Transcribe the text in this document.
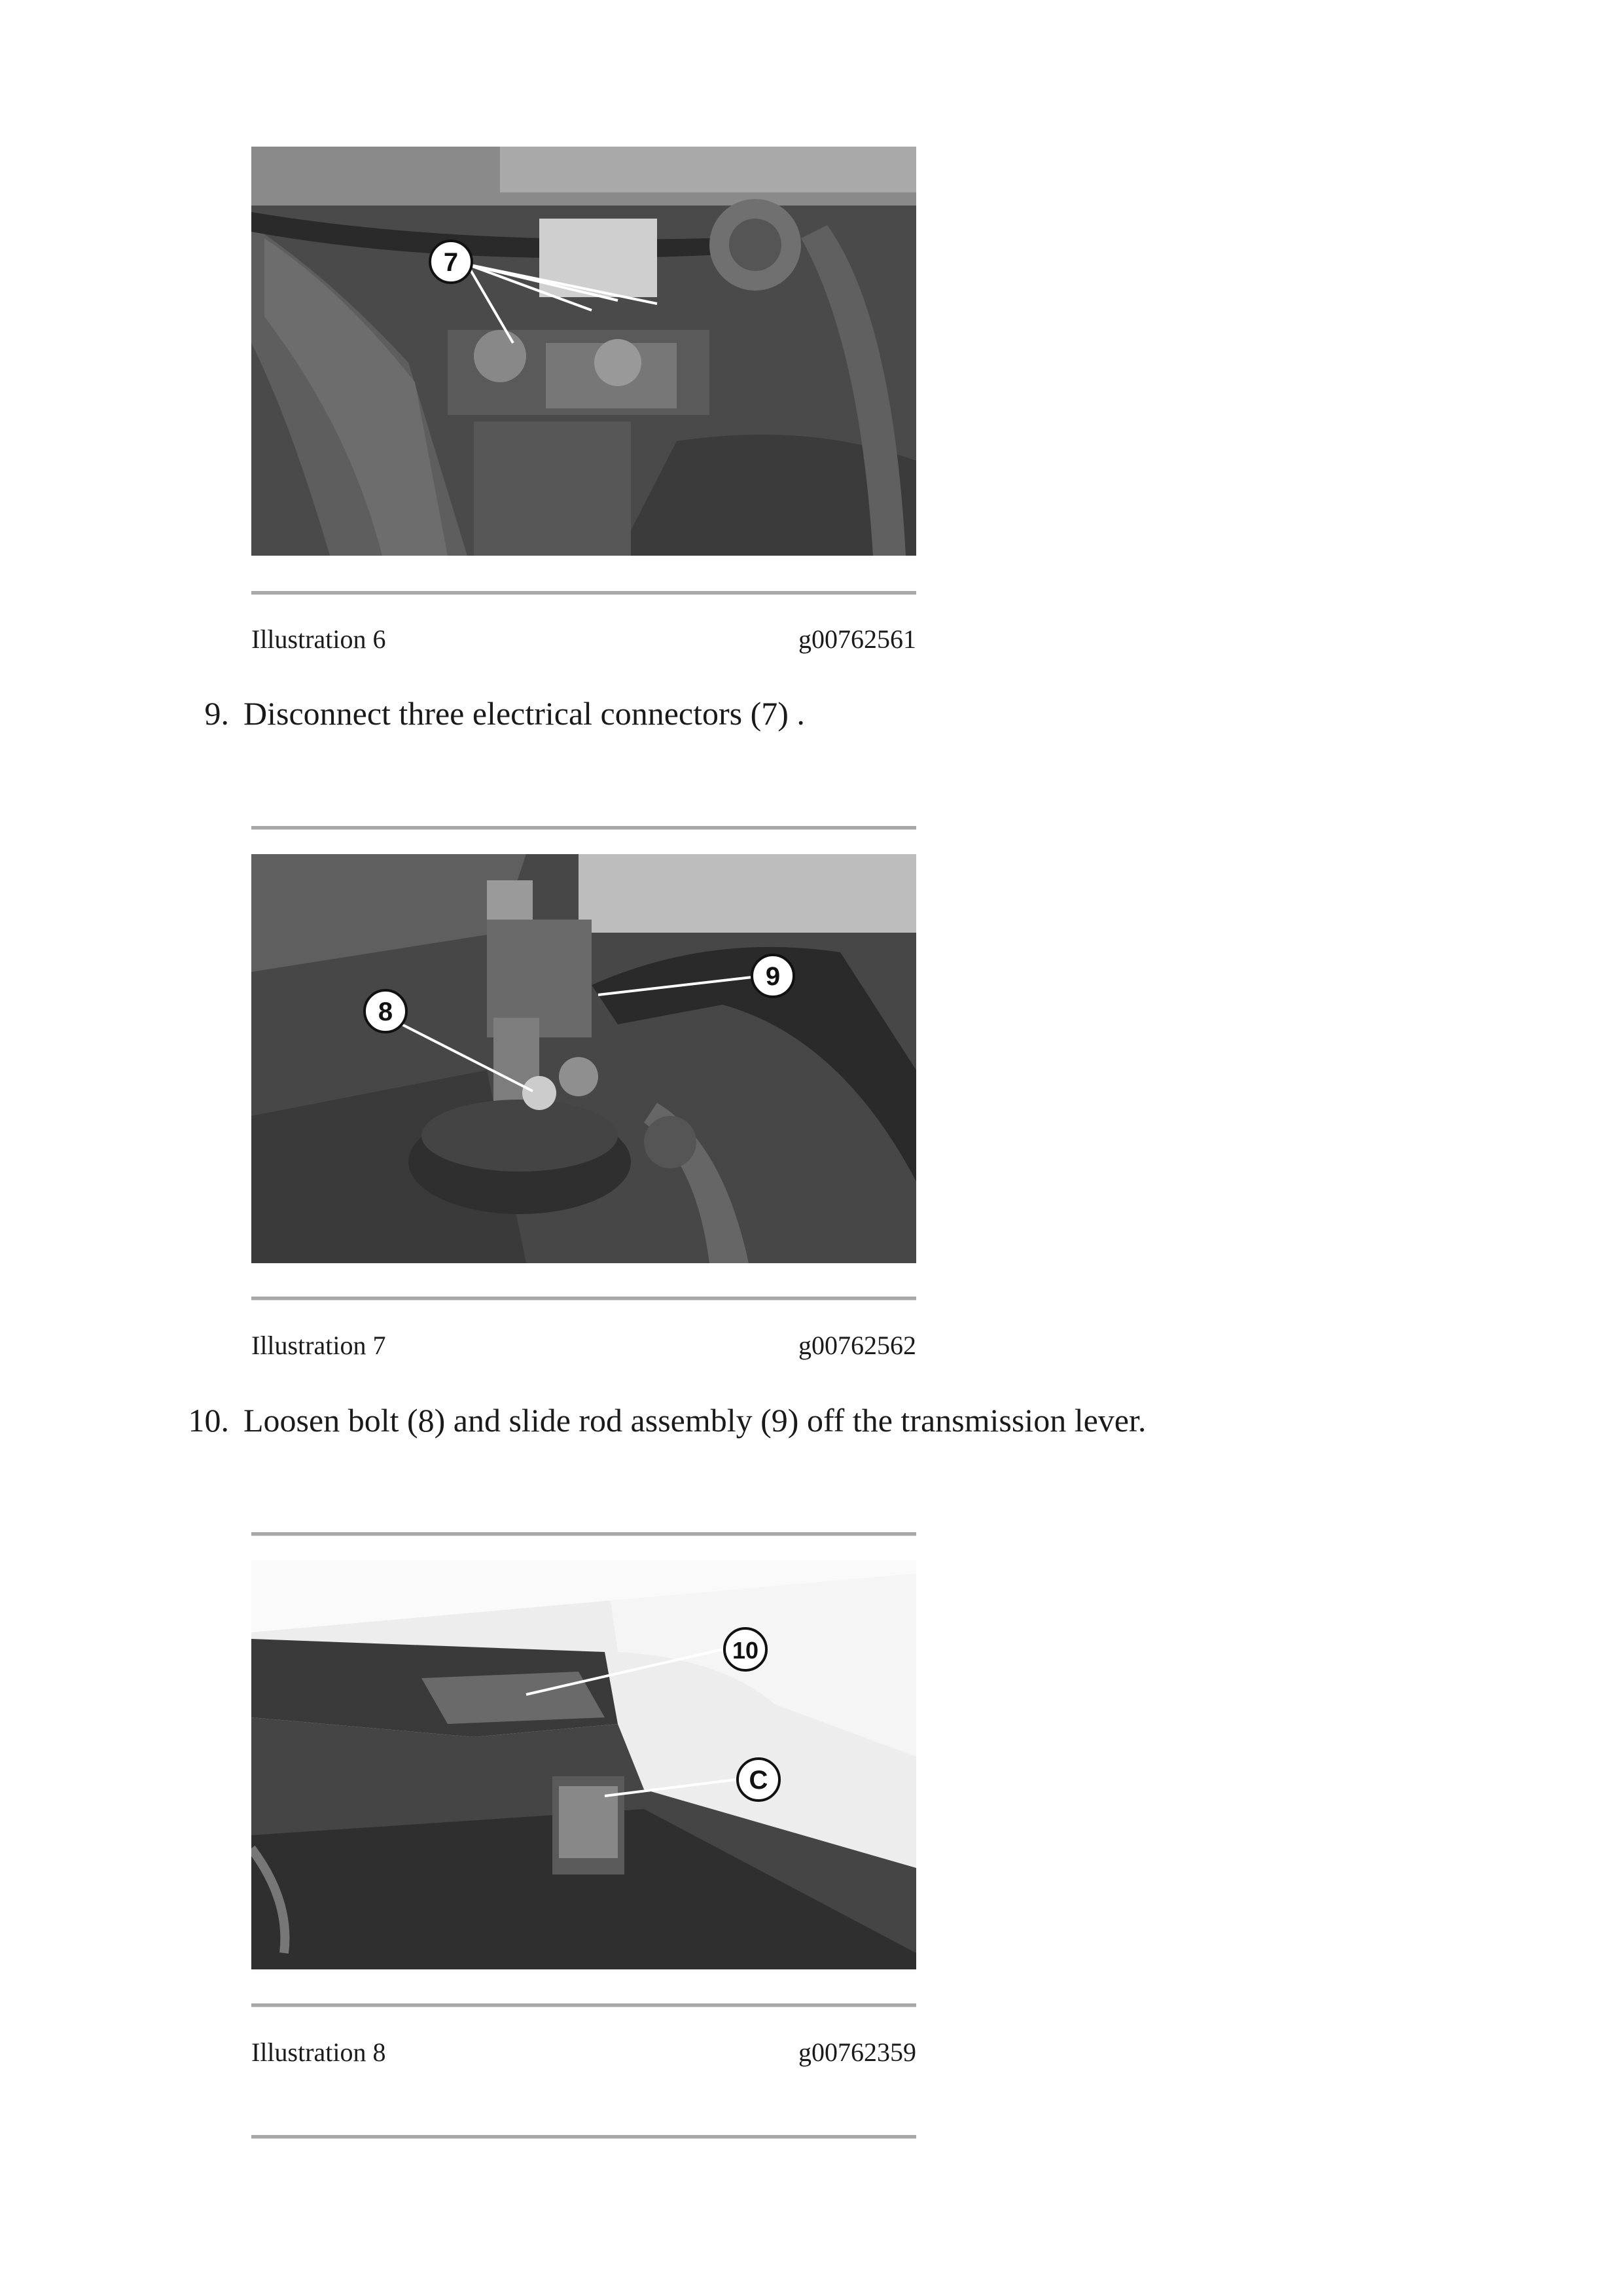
7
Illustration 6	g00762561
9. Disconnect three electrical connectors (7) .
8
9
Illustration 7	g00762562
10. Loosen bolt (8) and slide rod assembly (9) off the transmission lever.
10
C
Illustration 8	g00762359
